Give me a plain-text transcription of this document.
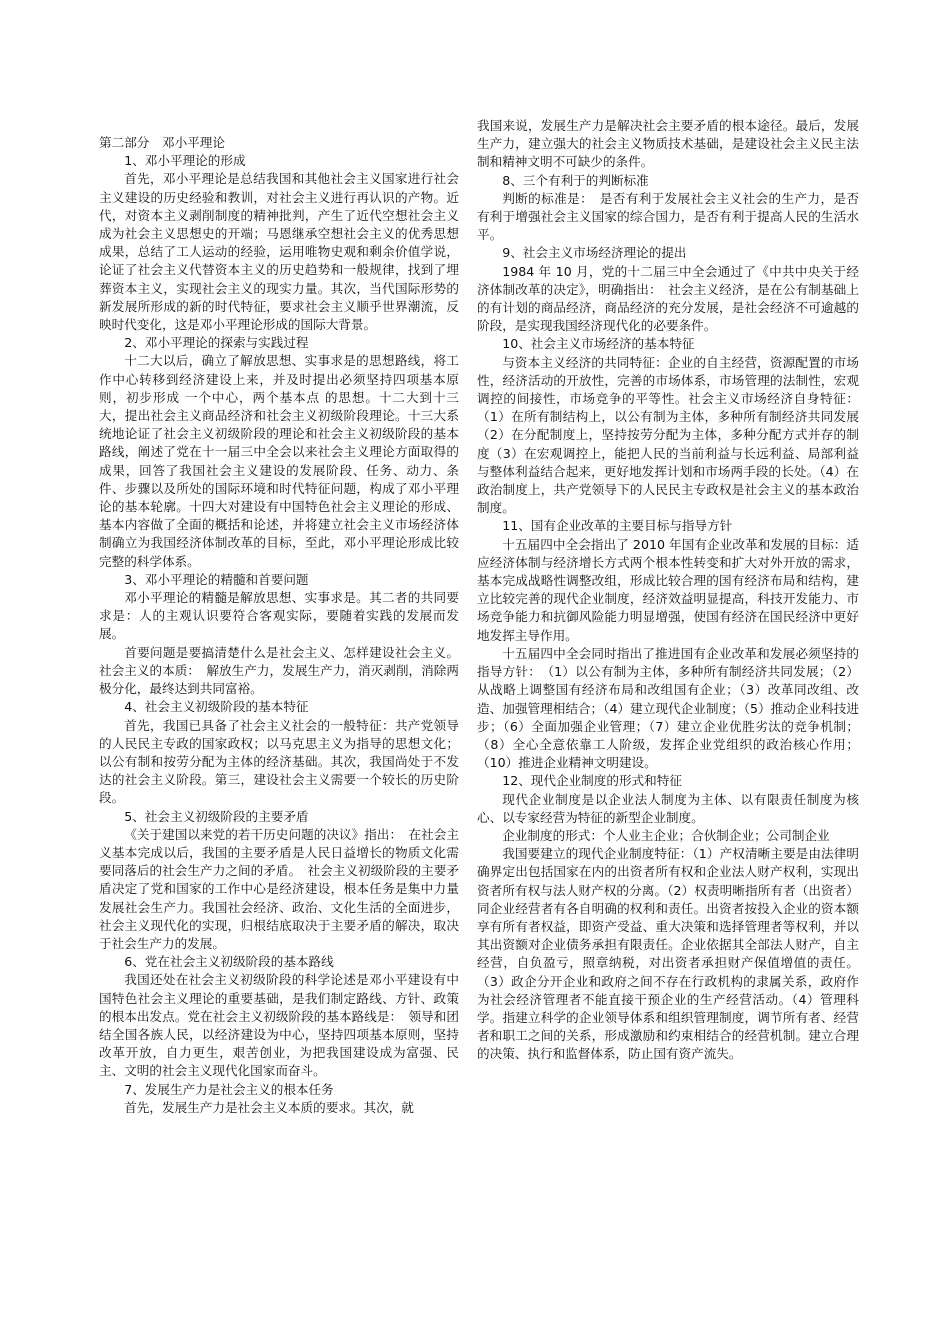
第二部分　邓小平理论

1、邓小平理论的形成

首先，邓小平理论是总结我国和其他社会主义国家进行社会主义建设的历史经验和教训，对社会主义进行再认识的产物。近代，对资本主义剥削制度的精神批判，产生了近代空想社会主义成为社会主义思想史的开端；马恩继承空想社会主义的优秀思想成果，总结了工人运动的经验，运用唯物史观和剩余价值学说，论证了社会主义代替资本主义的历史趋势和一般规律，找到了埋葬资本主义，实现社会主义的现实力量。其次，当代国际形势的新发展所形成的新的时代特征，要求社会主义顺乎世界潮流，反映时代变化，这是邓小平理论形成的国际大背景。

2、邓小平理论的探索与实践过程

十二大以后，确立了解放思想、实事求是的思想路线，将工作中心转移到经济建设上来，并及时提出必须坚持四项基本原则，初步形成 一个中心，两个基本点 的思想。十二大到十三大，提出社会主义商品经济和社会主义初级阶段理论。十三大系统地论证了社会主义初级阶段的理论和社会主义初级阶段的基本路线，阐述了党在十一届三中全会以来社会主义理论方面取得的成果，回答了我国社会主义建设的发展阶段、任务、动力、条件、步骤以及所处的国际环境和时代特征问题，构成了邓小平理论的基本轮廓。十四大对建设有中国特色社会主义理论的形成、基本内容做了全面的概括和论述，并将建立社会主义市场经济体制确立为我国经济体制改革的目标，至此，邓小平理论形成比较完整的科学体系。

3、邓小平理论的精髓和首要问题

邓小平理论的精髓是解放思想、实事求是。其二者的共同要求是：人的主观认识要符合客观实际，要随着实践的发展而发展。

首要问题是要搞清楚什么是社会主义、怎样建设社会主义。社会主义的本质：　解放生产力，发展生产力，消灭剥削，消除两极分化，最终达到共同富裕。

4、社会主义初级阶段的基本特征

首先，我国已具备了社会主义社会的一般特征：共产党领导的人民民主专政的国家政权；以马克思主义为指导的思想文化；以公有制和按劳分配为主体的经济基础。其次，我国尚处于不发达的社会主义阶段。第三，建设社会主义需要一个较长的历史阶段。

5、社会主义初级阶段的主要矛盾

《关于建国以来党的若干历史问题的决议》指出：　在社会主义基本完成以后，我国的主要矛盾是人民日益增长的物质文化需要同落后的社会生产力之间的矛盾。　社会主义初级阶段的主要矛盾决定了党和国家的工作中心是经济建设，根本任务是集中力量发展社会生产力。我国社会经济、政治、文化生活的全面进步，社会主义现代化的实现，归根结底取决于主要矛盾的解决，取决于社会生产力的发展。

6、党在社会主义初级阶段的基本路线

我国还处在社会主义初级阶段的科学论述是邓小平建设有中国特色社会主义理论的重要基础，是我们制定路线、方针、政策的根本出发点。党在社会主义初级阶段的基本路线是：　领导和团结全国各族人民，以经济建设为中心，坚持四项基本原则，坚持改革开放，自力更生，艰苦创业，为把我国建设成为富强、民主、文明的社会主义现代化国家而奋斗。

7、发展生产力是社会主义的根本任务

首先，发展生产力是社会主义本质的要求。其次，就

我国来说，发展生产力是解决社会主要矛盾的根本途径。最后，发展生产力，建立强大的社会主义物质技术基础，是建设社会主义民主法制和精神文明不可缺少的条件。

8、三个有利于的判断标准

判断的标准是：　是否有利于发展社会主义社会的生产力，是否有利于增强社会主义国家的综合国力，是否有利于提高人民的生活水平。

9、社会主义市场经济理论的提出

1984 年 10 月，党的十二届三中全会通过了《中共中央关于经济体制改革的决定》，明确指出：　社会主义经济，是在公有制基础上的有计划的商品经济，商品经济的充分发展，是社会经济不可逾越的阶段，是实现我国经济现代化的必要条件。

10、社会主义市场经济的基本特征

与资本主义经济的共同特征：企业的自主经营，资源配置的市场性，经济活动的开放性，完善的市场体系，市场管理的法制性，宏观调控的间接性，市场竞争的平等性。社会主义市场经济自身特征：（1）在所有制结构上，以公有制为主体，多种所有制经济共同发展（2）在分配制度上，坚持按劳分配为主体，多种分配方式并存的制度（3）在宏观调控上，能把人民的当前利益与长远利益、局部利益与整体利益结合起来，更好地发挥计划和市场两手段的长处。（4）在政治制度上，共产党领导下的人民民主专政权是社会主义的基本政治制度。

11、国有企业改革的主要目标与指导方针

十五届四中全会指出了 2010 年国有企业改革和发展的目标：适应经济体制与经济增长方式两个根本性转变和扩大对外开放的需求，基本完成战略性调整改组，形成比较合理的国有经济布局和结构，建立比较完善的现代企业制度，经济效益明显提高，科技开发能力、市场竞争能力和抗御风险能力明显增强，使国有经济在国民经济中更好地发挥主导作用。

十五届四中全会同时指出了推进国有企业改革和发展必须坚持的指导方针：　（1）以公有制为主体，多种所有制经济共同发展；（2）从战略上调整国有经济布局和改组国有企业；（3）改革同改组、改造、加强管理相结合；（4）建立现代企业制度；（5）推动企业科技进步；（6）全面加强企业管理；（7）建立企业优胜劣汰的竞争机制；（8）全心全意依靠工人阶级，发挥企业党组织的政治核心作用；（10）推进企业精神文明建设。

12、现代企业制度的形式和特征

现代企业制度是以企业法人制度为主体、以有限责任制度为核心、以专家经营为特征的新型企业制度。

企业制度的形式：个人业主企业；合伙制企业；公司制企业

我国要建立的现代企业制度特征：（1）产权清晰主要是由法律明确界定出包括国家在内的出资者所有权和企业法人财产权利，实现出资者所有权与法人财产权的分离。（2）权责明晰指所有者（出资者）同企业经营者有各自明确的权利和责任。出资者按投入企业的资本额享有所有者权益，即资产受益、重大决策和选择管理者等权利，并以其出资额对企业债务承担有限责任。企业依据其全部法人财产，自主经营，自负盈亏，照章纳税，对出资者承担财产保值增值的责任。（3）政企分开企业和政府之间不存在行政机构的隶属关系，政府作为社会经济管理者不能直接干预企业的生产经营活动。（4）管理科学。指建立科学的企业领导体系和组织管理制度，调节所有者、经营者和职工之间的关系，形成激励和约束相结合的经营机制。建立合理的决策、执行和监督体系，防止国有资产流失。
